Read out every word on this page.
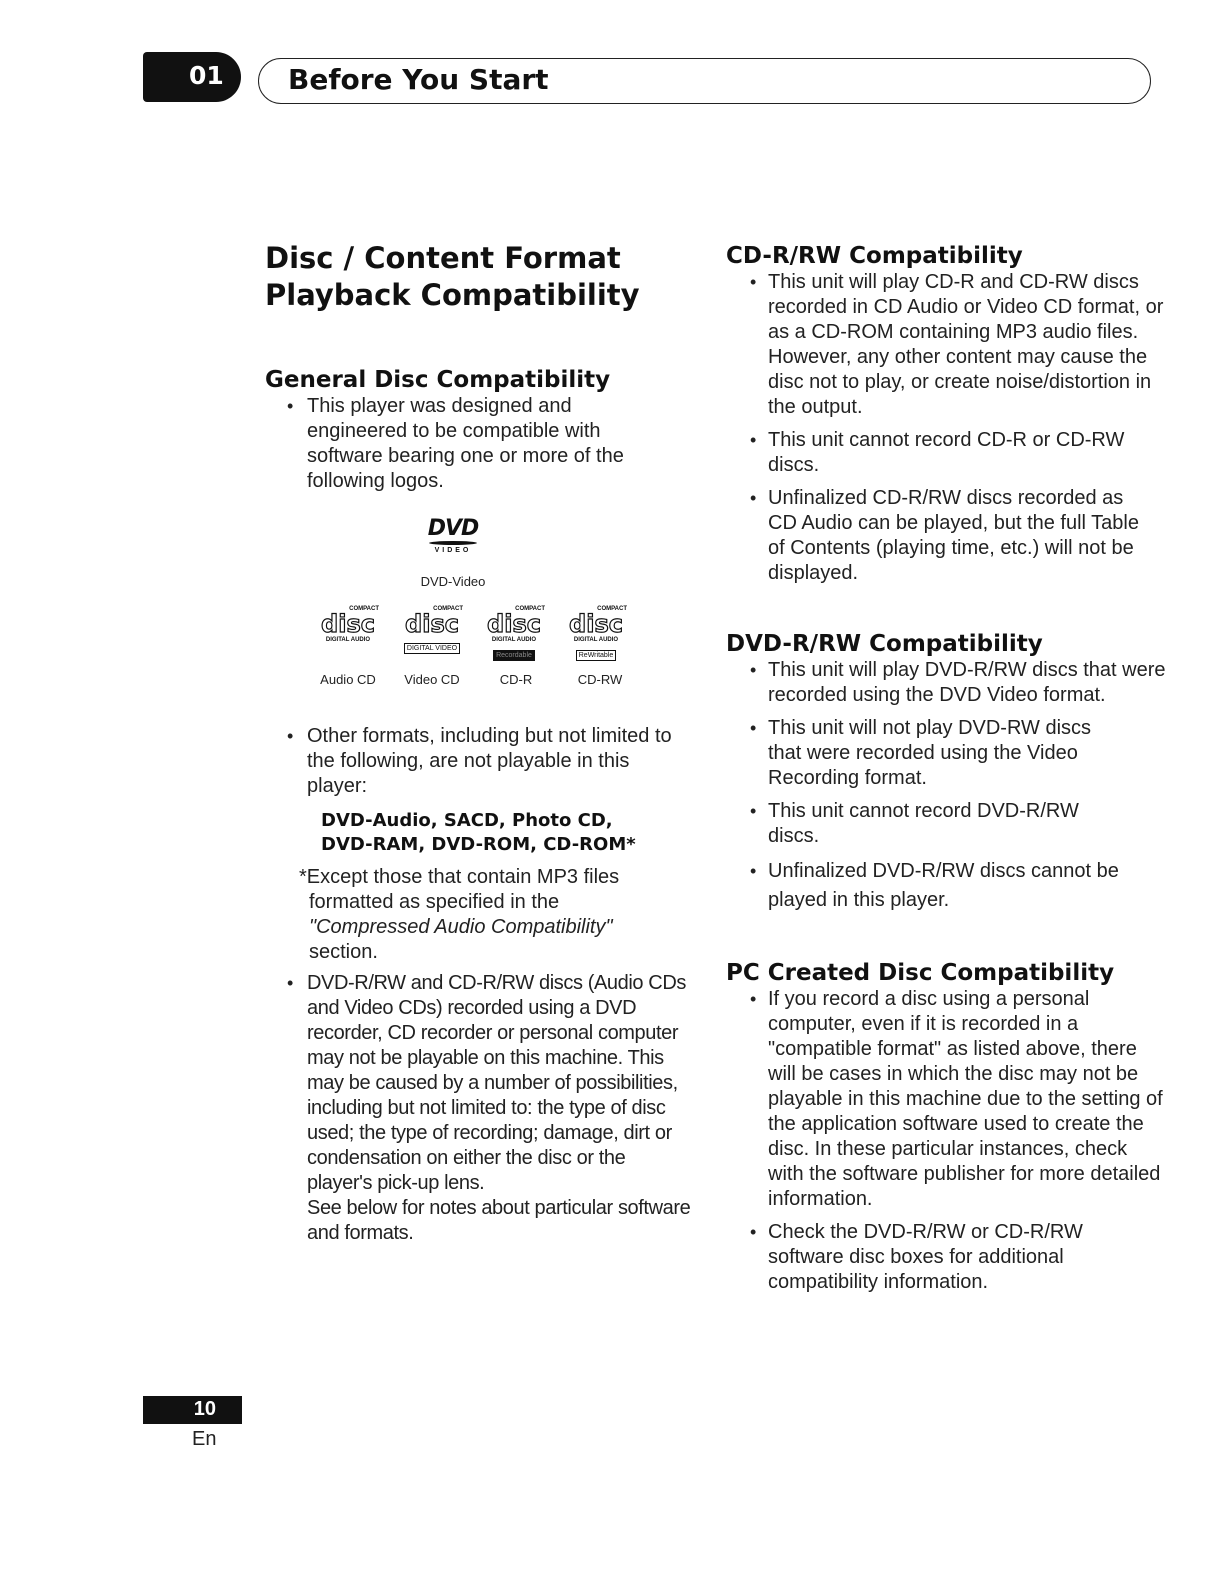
01 Before You Start
Disc / Content Format
Playback Compatibility
General Disc Compatibility
• This player was designed and engineered to be compatible with software bearing one or more of the following logos.
DVD
VIDEO
DVD-Video
COMPACT
disc
DIGITAL AUDIO
COMPACT
disc DIGITAL VIDEO
COMPACT
disc
DIGITAL AUDIO
Recordable
COMPACT
disc
DIGITAL AUDIO
ReWritable
Audio CD	Video CD	CD-R	CD-RW
• Other formats, including but not limited to the following, are not playable in this player:
DVD-Audio, SACD, Photo CD,
DVD-RAM, DVD-ROM, CD-ROM*
*Except those that contain MP3 files formatted as specified in the "Compressed Audio Compatibility" section.
• DVD-R/RW and CD-R/RW discs (Audio CDs and Video CDs) recorded using a DVD recorder, CD recorder or personal computer may not be playable on this machine. This may be caused by a number of possibilities, including but not limited to: the type of disc used; the type of recording; damage, dirt or condensation on either the disc or the player's pick-up lens.
See below for notes about particular software and formats.
CD-R/RW Compatibility
• This unit will play CD-R and CD-RW discs recorded in CD Audio or Video CD format, or as a CD-ROM containing MP3 audio files. However, any other content may cause the disc not to play, or create noise/distortion in the output.
• This unit cannot record CD-R or CD-RW discs.
• Unfinalized CD-R/RW discs recorded as CD Audio can be played, but the full Table of Contents (playing time, etc.) will not be displayed.
DVD-R/RW Compatibility
• This unit will play DVD-R/RW discs that were recorded using the DVD Video format.
• This unit will not play DVD-RW discs that were recorded using the Video Recording format.
• This unit cannot record DVD-R/RW discs.
• Unfinalized DVD-R/RW discs cannot be played in this player.
PC Created Disc Compatibility
• If you record a disc using a personal computer, even if it is recorded in a "compatible format" as listed above, there will be cases in which the disc may not be playable in this machine due to the setting of the application software used to create the disc. In these particular instances, check with the software publisher for more detailed information.
• Check the DVD-R/RW or CD-R/RW software disc boxes for additional compatibility information.
10
En
